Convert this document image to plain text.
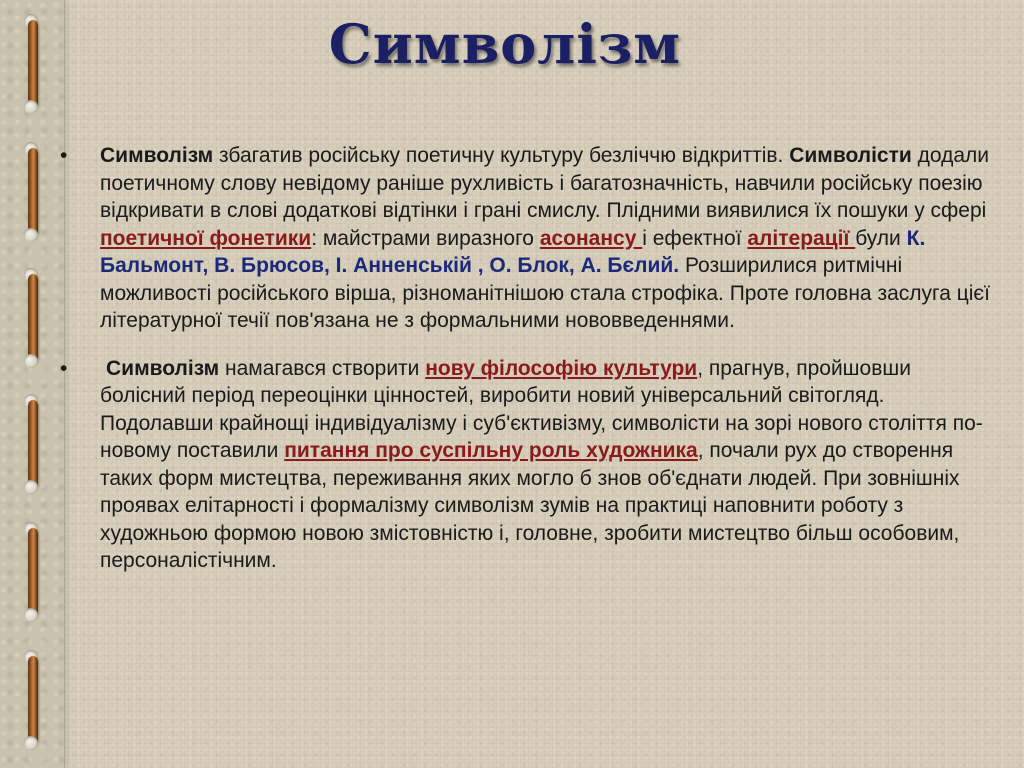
Символізм
•	Символізм збагатив російську поетичну культуру безліччю відкриттів. Символісти додали поетичному слову невідому раніше рухливість і багатозначність, навчили російську поезію відкривати в слові додаткові відтінки і грані смислу. Плідними виявилися їх пошуки у сфері поетичної фонетики: майстрами виразного асонансу і ефектної алітерації були К. Бальмонт, В. Брюсов, І. Анненськiй , О. Блок, А. Бєлий. Розширилися ритмічні можливості російського вірша, різноманітнішою стала строфіка. Проте головна заслуга цієї літературної течії пов'язана не з формальними нововведеннями.
•	Символізм намагався створити нову філософію культури, прагнув, пройшовши болісний період переоцінки цінностей, виробити новий універсальний світогляд. Подолавши крайнощі індивідуалізму і суб'єктивізму, символісти на зорі нового століття по-новому поставили питання про суспільну роль художника, почали рух до створення таких форм мистецтва, переживання яких могло б знов об'єднати людей. При зовнішніх проявах елітарності і формалізму символізм зумів на практиці наповнити роботу з художньою формою новою змістовністю і, головне, зробити мистецтво більш особовим, персоналістічним.
